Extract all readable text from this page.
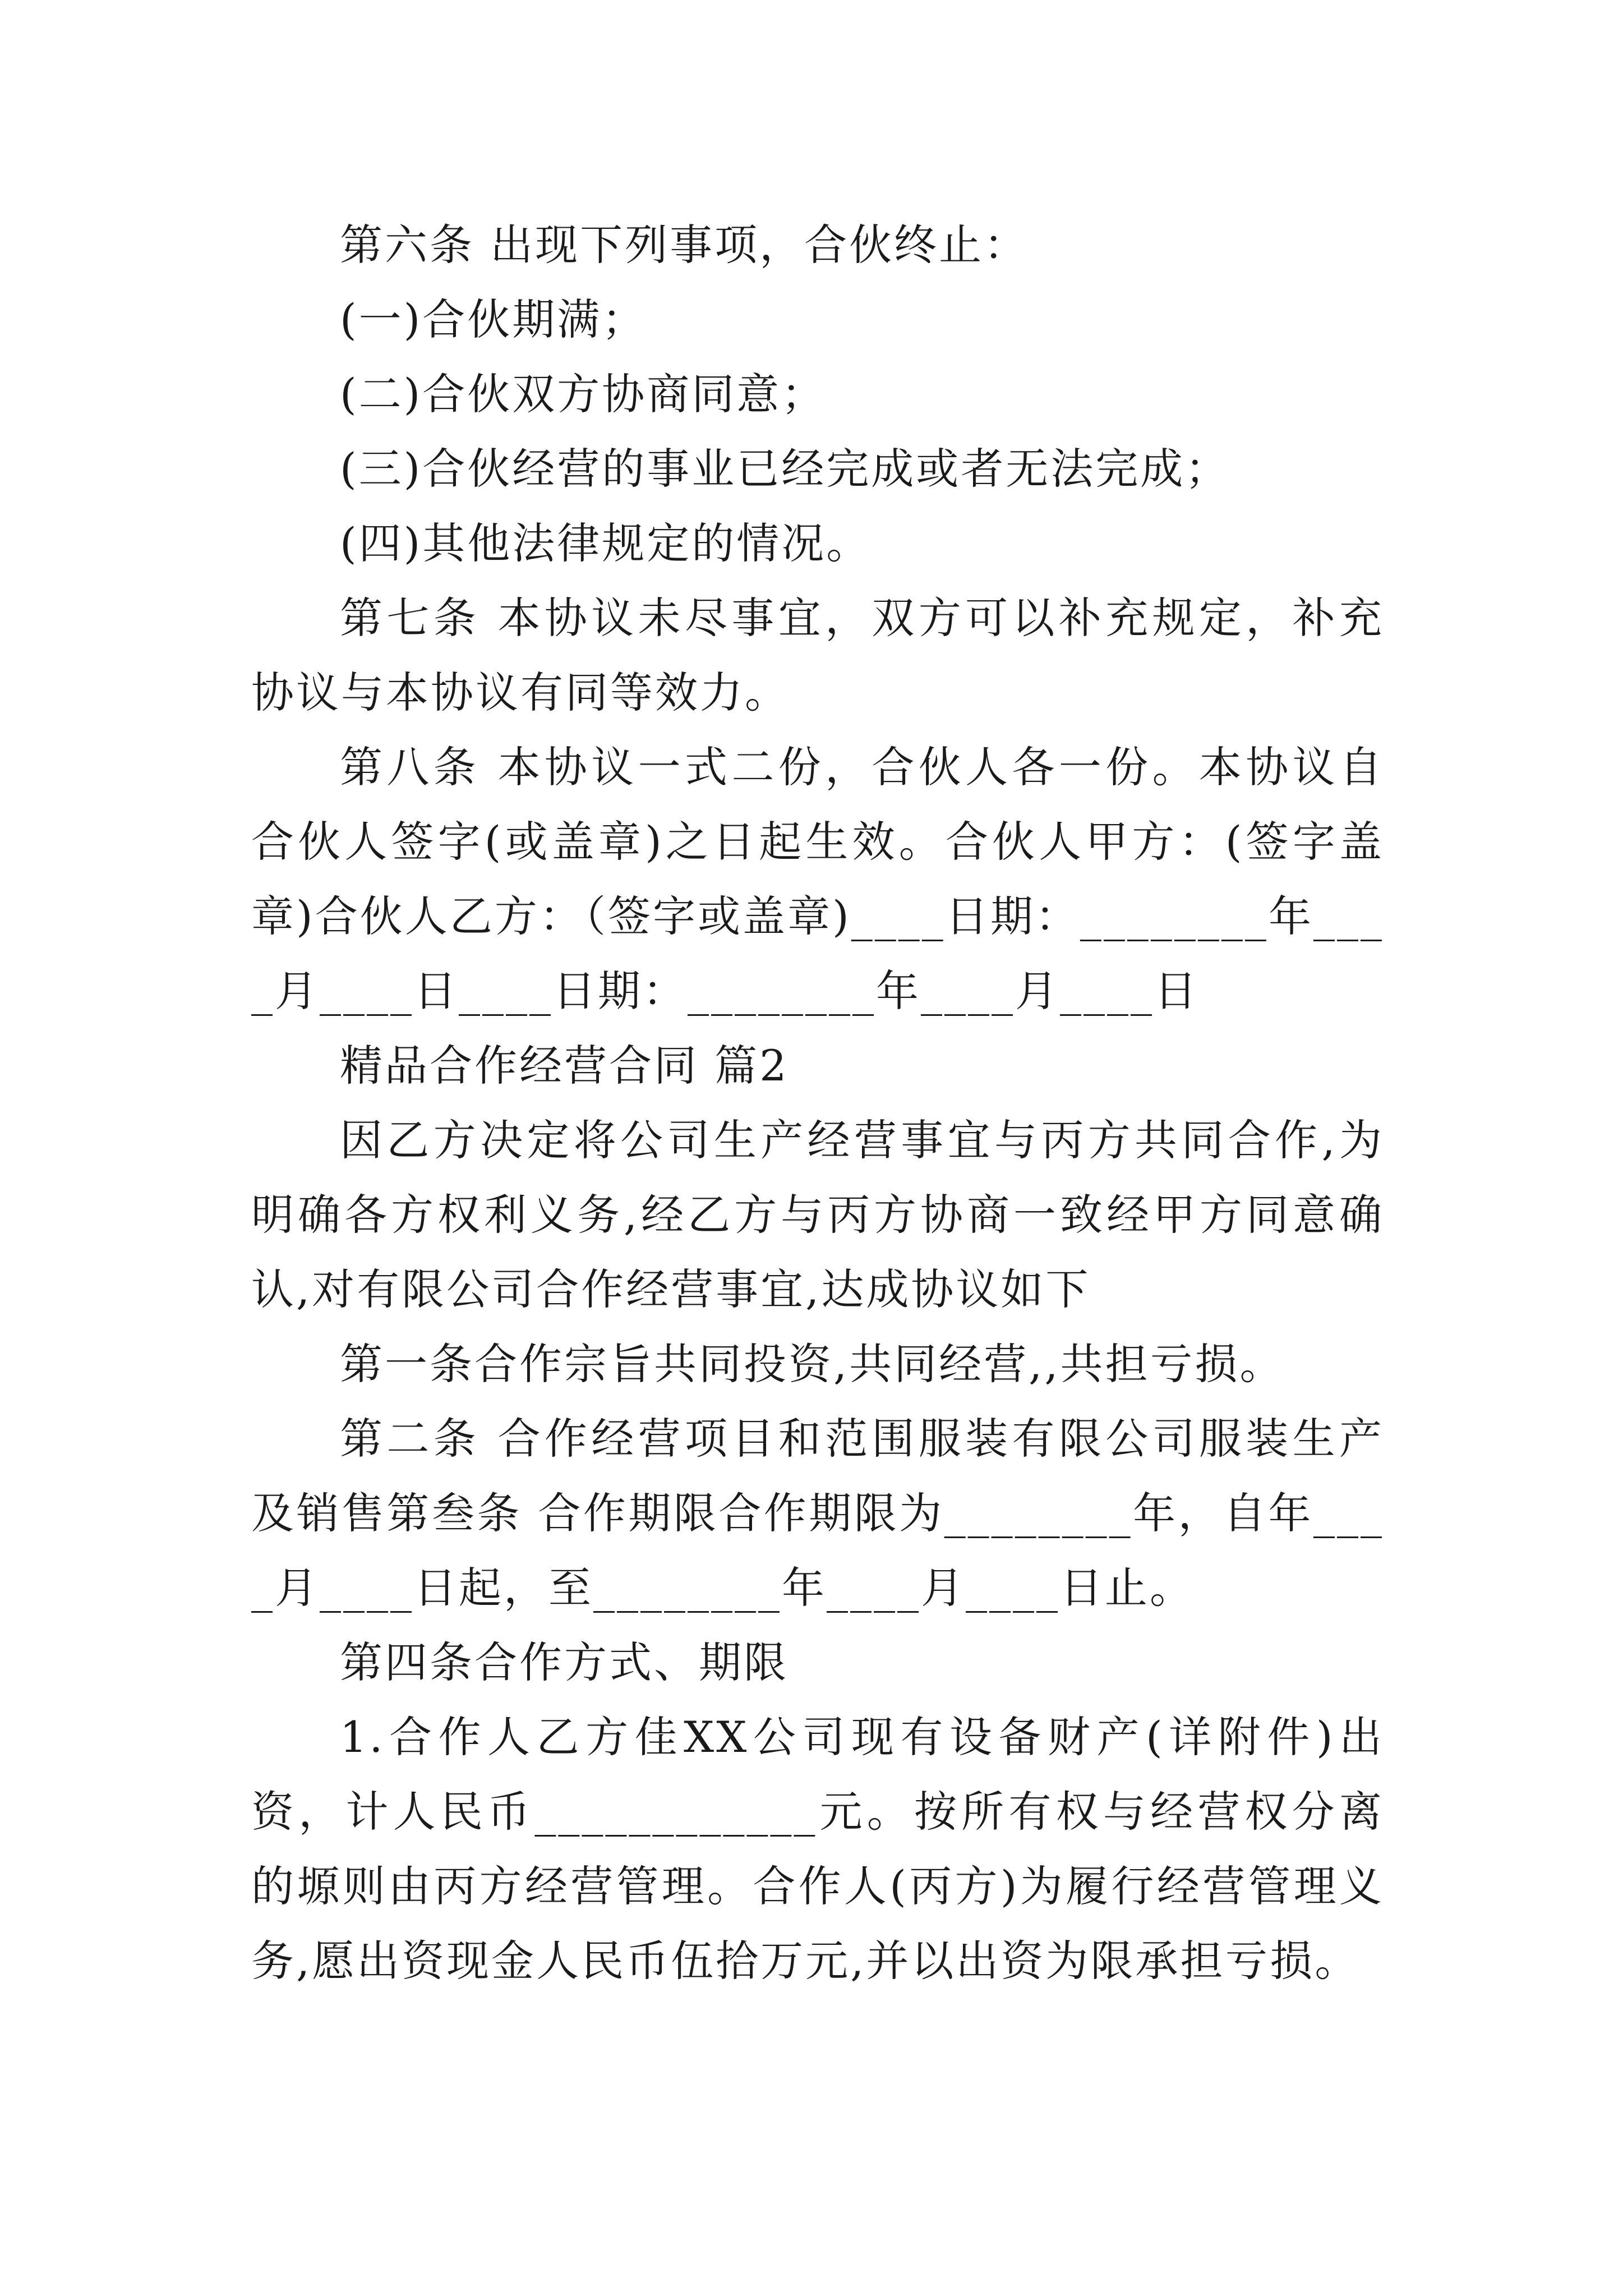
第六条 出现下列事项，合伙终止：

(一)合伙期满；

(二)合伙双方协商同意；

(三)合伙经营的事业已经完成或者无法完成；

(四)其他法律规定的情况。

第七条 本协议未尽事宜，双方可以补充规定，补充协议与本协议有同等效力。

第八条 本协议一式二份，合伙人各一份。本协议自合伙人签字(或盖章)之日起生效。合伙人甲方：(签字盖章)合伙人乙方：（签字或盖章)____日期：________年____月____日____日期：________年____月____日

精品合作经营合同 篇2

因乙方决定将公司生产经营事宜与丙方共同合作,为明确各方权利义务,经乙方与丙方协商一致经甲方同意确认,对有限公司合作经营事宜,达成协议如下

第一条合作宗旨共同投资,共同经营,,共担亏损。

第二条 合作经营项目和范围服装有限公司服装生产及销售第叁条 合作期限合作期限为________年，自年____月____日起，至________年____月____日止。

第四条合作方式、期限

1.合作人乙方佳XX公司现有设备财产(详附件)出资，计人民币____________元。按所有权与经营权分离的塬则由丙方经营管理。合作人(丙方)为履行经营管理义务,愿出资现金人民币伍拾万元,并以出资为限承担亏损。
